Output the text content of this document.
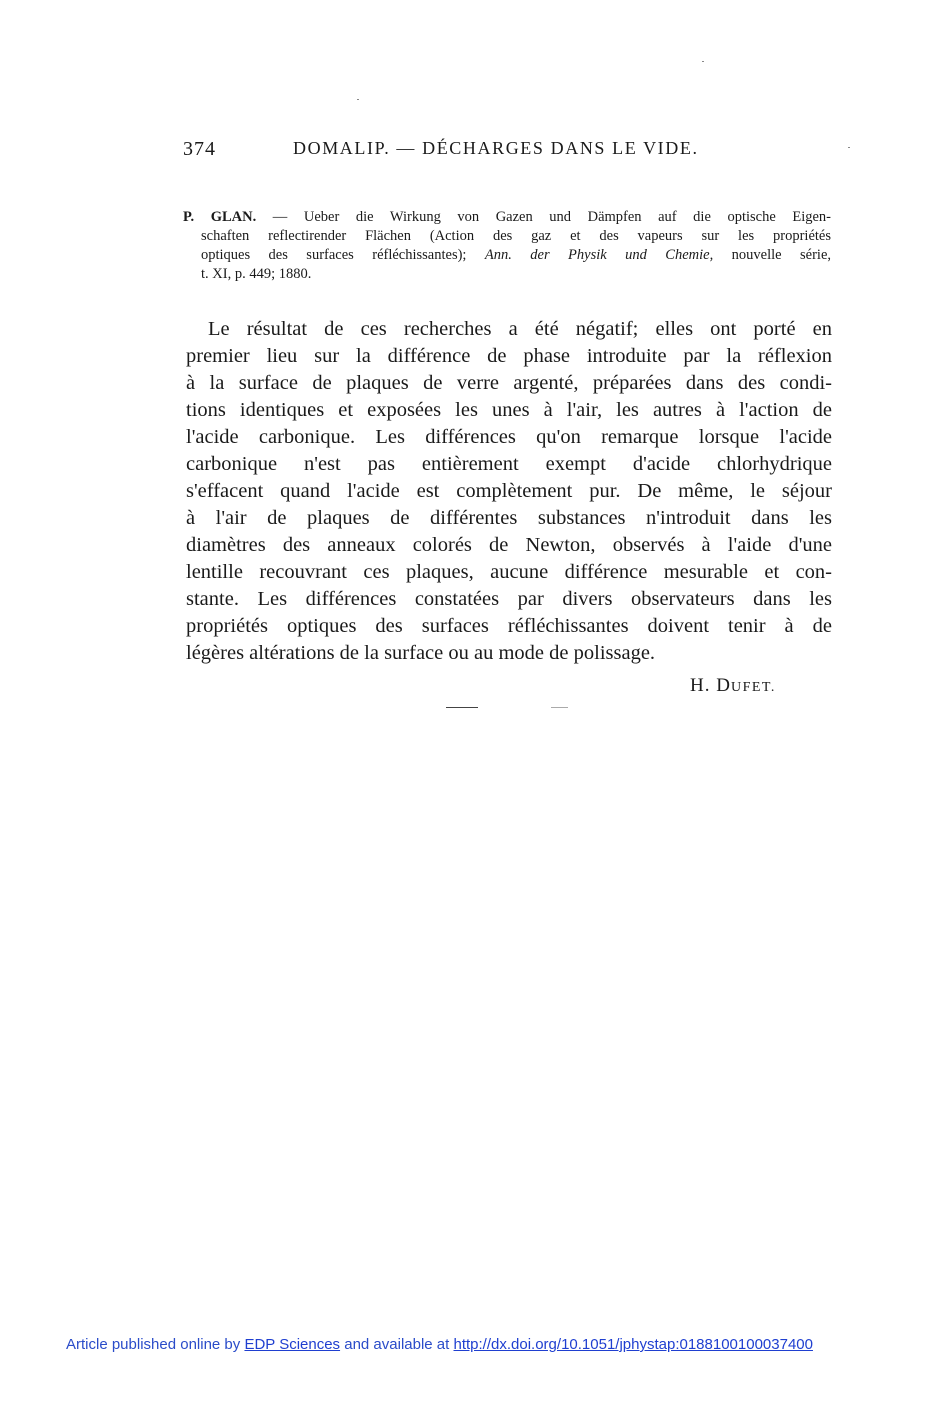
374	DOMALIP. — DÉCHARGES DANS LE VIDE.
P. GLAN. — Ueber die Wirkung von Gazen und Dämpfen auf die optische Eigen-
schaften reflectirender Flächen (Action des gaz et des vapeurs sur les propriétés
optiques des surfaces réfléchissantes); Ann. der Physik und Chemie, nouvelle série,
t. XI, p. 449; 1880.
Le résultat de ces recherches a été négatif; elles ont porté en
premier lieu sur la différence de phase introduite par la réflexion
à la surface de plaques de verre argenté, préparées dans des condi-
tions identiques et exposées les unes à l'air, les autres à l'action de
l'acide carbonique. Les différences qu'on remarque lorsque l'acide
carbonique n'est pas entièrement exempt d'acide chlorhydrique
s'effacent quand l'acide est complètement pur. De même, le séjour
à l'air de plaques de différentes substances n'introduit dans les
diamètres des anneaux colorés de Newton, observés à l'aide d'une
lentille recouvrant ces plaques, aucune différence mesurable et con-
stante. Les différences constatées par divers observateurs dans les
propriétés optiques des surfaces réfléchissantes doivent tenir à de
légères altérations de la surface ou au mode de polissage.
H. DUFET.
Article published online by EDP Sciences and available at http://dx.doi.org/10.1051/jphystap:0188100100037400
